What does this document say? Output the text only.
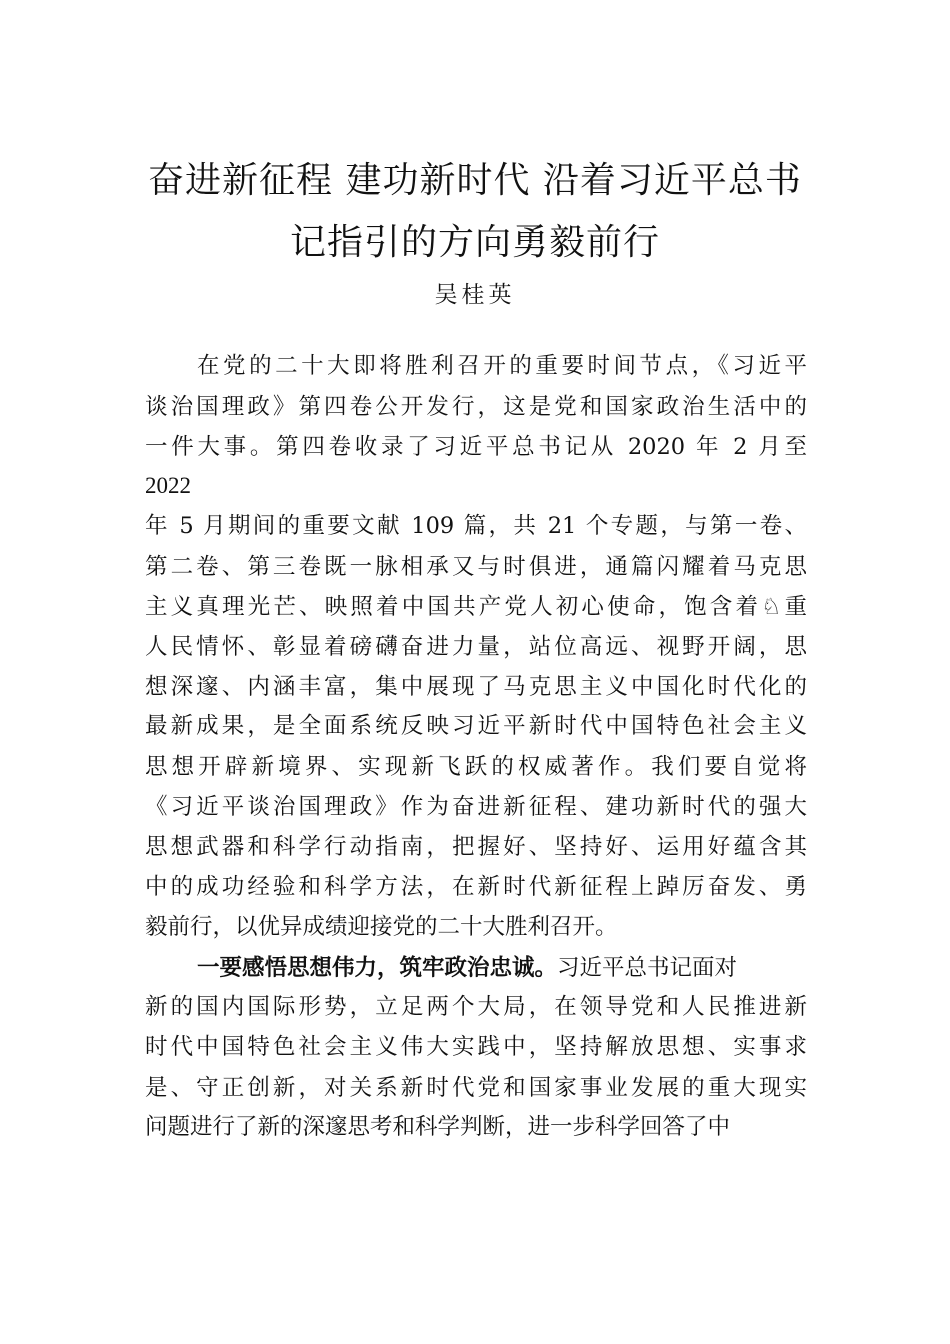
奋进新征程 建功新时代 沿着习近平总书
记指引的方向勇毅前行
吴桂英
在党的二十大即将胜利召开的重要时间节点，《习近平
谈治国理政》第四卷公开发行，这是党和国家政治生活中的
一件大事。第四卷收录了习近平总书记从 2020 年 2 月至
2022
年 5 月期间的重要文献 109 篇，共 21 个专题，与第一卷、
第二卷、第三卷既一脉相承又与时俱进，通篇闪耀着马克思
主义真理光芒、映照着中国共产党人初心使命，饱含着♘重
人民情怀、彰显着磅礴奋进力量，站位高远、视野开阔，思
想深邃、内涵丰富，集中展现了马克思主义中国化时代化的
最新成果，是全面系统反映习近平新时代中国特色社会主义
思想开辟新境界、实现新飞跃的权威著作。我们要自觉将
《习近平谈治国理政》作为奋进新征程、建功新时代的强大
思想武器和科学行动指南，把握好、坚持好、运用好蕴含其
中的成功经验和科学方法，在新时代新征程上踔厉奋发、勇
毅前行，以优异成绩迎接党的二十大胜利召开。
一要感悟思想伟力，筑牢政治忠诚。习近平总书记面对
新的国内国际形势，立足两个大局，在领导党和人民推进新
时代中国特色社会主义伟大实践中，坚持解放思想、实事求
是、守正创新，对关系新时代党和国家事业发展的重大现实
问题进行了新的深邃思考和科学判断，进一步科学回答了中
